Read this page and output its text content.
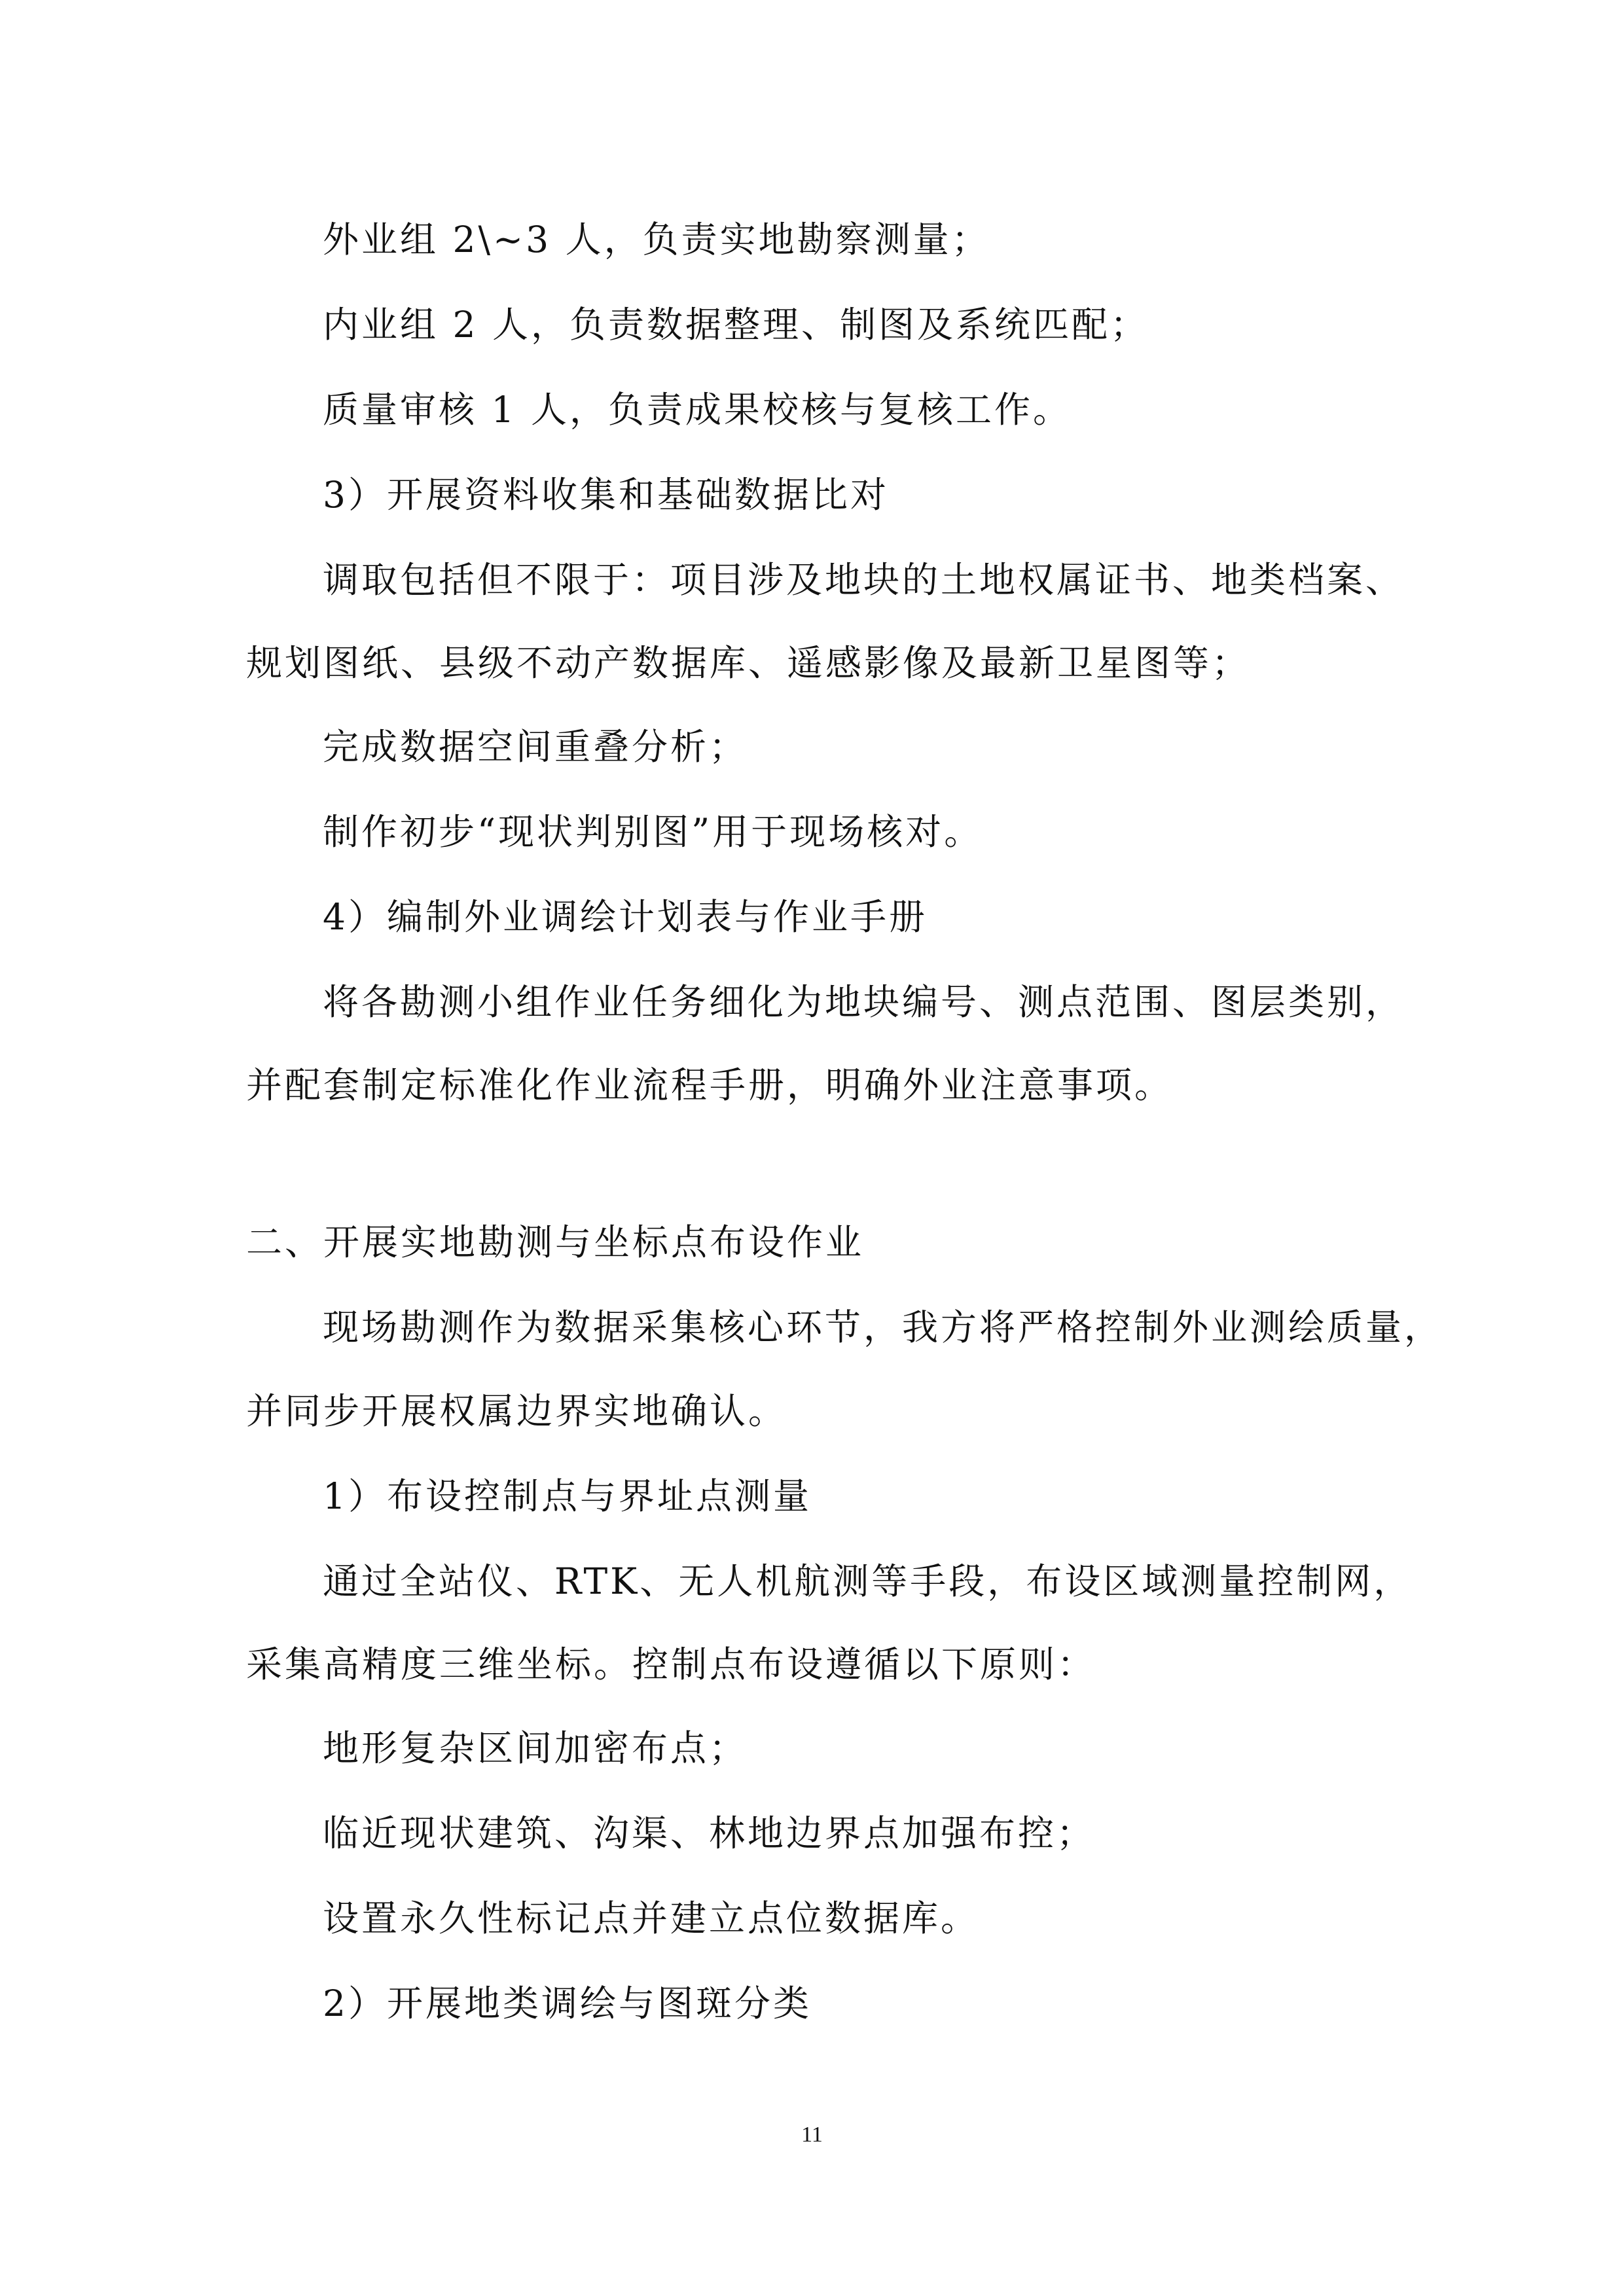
外业组 2\~3 人，负责实地勘察测量；

内业组 2 人，负责数据整理、制图及系统匹配；

质量审核 1 人，负责成果校核与复核工作。

3）开展资料收集和基础数据比对

调取包括但不限于：项目涉及地块的土地权属证书、地类档案、

规划图纸、县级不动产数据库、遥感影像及最新卫星图等；

完成数据空间重叠分析；

制作初步“现状判别图”用于现场核对。

4）编制外业调绘计划表与作业手册

将各勘测小组作业任务细化为地块编号、测点范围、图层类别，

并配套制定标准化作业流程手册，明确外业注意事项。

二、开展实地勘测与坐标点布设作业

现场勘测作为数据采集核心环节，我方将严格控制外业测绘质量，

并同步开展权属边界实地确认。

1）布设控制点与界址点测量

通过全站仪、RTK、无人机航测等手段，布设区域测量控制网，

采集高精度三维坐标。控制点布设遵循以下原则：

地形复杂区间加密布点；

临近现状建筑、沟渠、林地边界点加强布控；

设置永久性标记点并建立点位数据库。

2）开展地类调绘与图斑分类

11
